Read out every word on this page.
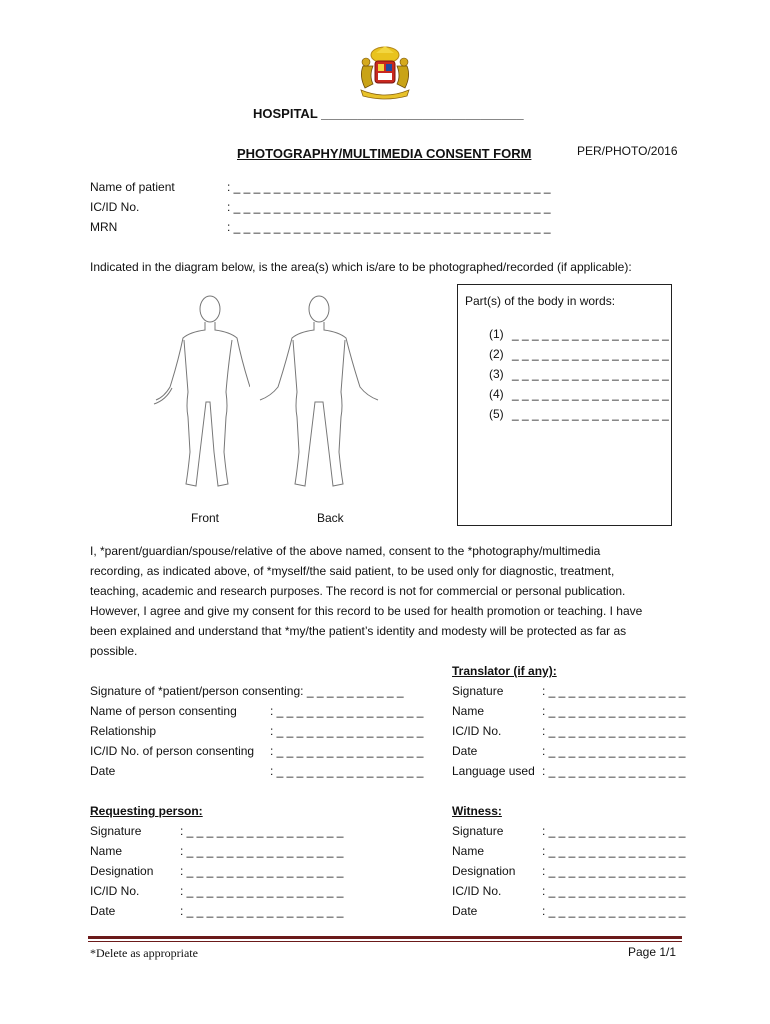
HOSPITAL ____________________________
PHOTOGRAPHY/MULTIMEDIA CONSENT FORM	PER/PHOTO/2016
Name of patient	: _ _ _ _ _ _ _ _ _ _ _ _ _ _ _ _ _ _ _ _ _ _ _ _ _ _ _ _ _ _ _ _
IC/ID No.	: _ _ _ _ _ _ _ _ _ _ _ _ _ _ _ _ _ _ _ _ _ _ _ _ _ _ _ _ _ _ _ _
MRN	: _ _ _ _ _ _ _ _ _ _ _ _ _ _ _ _ _ _ _ _ _ _ _ _ _ _ _ _ _ _ _ _
Indicated in the diagram below, is the area(s) which is/are to be photographed/recorded (if applicable):
Front	Back
Part(s) of the body in words:
(1) _ _ _ _ _ _ _ _ _ _ _ _ _ _ _ _
(2) _ _ _ _ _ _ _ _ _ _ _ _ _ _ _ _
(3) _ _ _ _ _ _ _ _ _ _ _ _ _ _ _ _
(4) _ _ _ _ _ _ _ _ _ _ _ _ _ _ _ _
(5) _ _ _ _ _ _ _ _ _ _ _ _ _ _ _ _

I, *parent/guardian/spouse/relative of the above named, consent to the *photography/multimedia

recording, as indicated above, of *myself/the said patient, to be used only for diagnostic, treatment,

teaching, academic and research purposes. The record is not for commercial or personal publication.

However, I agree and give my consent for this record to be used for health promotion or teaching. I have

been explained and understand that *my/the patient’s identity and modesty will be protected as far as

possible.

Translator (if any):
Signature	: _ _ _ _ _ _ _ _ _ _ _ _ _ _
Name	: _ _ _ _ _ _ _ _ _ _ _ _ _ _
IC/ID No.	: _ _ _ _ _ _ _ _ _ _ _ _ _ _
Date	: _ _ _ _ _ _ _ _ _ _ _ _ _ _
Language used : _ _ _ _ _ _ _ _ _ _ _ _ _ _
Signature of *patient/person consenting: _ _ _ _ _ _ _ _ _ _
Name of person consenting	: _ _ _ _ _ _ _ _ _ _ _ _ _ _ _
Relationship	: _ _ _ _ _ _ _ _ _ _ _ _ _ _ _
IC/ID No. of person consenting : _ _ _ _ _ _ _ _ _ _ _ _ _ _ _
Date	: _ _ _ _ _ _ _ _ _ _ _ _ _ _ _
Requesting person:
Signature	: _ _ _ _ _ _ _ _ _ _ _ _ _ _ _ _
Name	: _ _ _ _ _ _ _ _ _ _ _ _ _ _ _ _
Designation : _ _ _ _ _ _ _ _ _ _ _ _ _ _ _ _
IC/ID No.	: _ _ _ _ _ _ _ _ _ _ _ _ _ _ _ _
Date	: _ _ _ _ _ _ _ _ _ _ _ _ _ _ _ _
Witness:
Signature	: _ _ _ _ _ _ _ _ _ _ _ _ _ _
Name	: _ _ _ _ _ _ _ _ _ _ _ _ _ _
Designation : _ _ _ _ _ _ _ _ _ _ _ _ _ _
IC/ID No.	: _ _ _ _ _ _ _ _ _ _ _ _ _ _
Date	: _ _ _ _ _ _ _ _ _ _ _ _ _ _
*Delete as appropriate	Page 1/1
